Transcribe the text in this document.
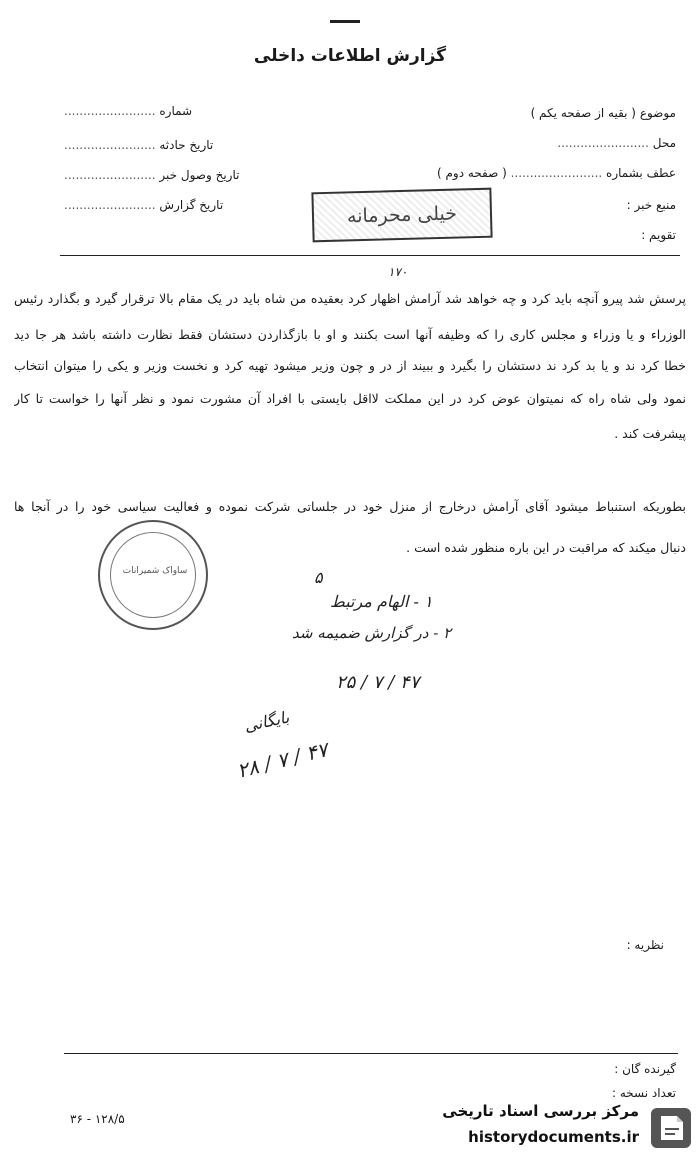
گزارش اطلاعات داخلی
شماره ........................
تاریخ حادثه ........................
تاریخ وصول خبر ........................
تاریخ گزارش ........................
موضوع ( بقیه از صفحه یکم )
محل ........................
عطف بشماره ........................ ( صفحه دوم )
منبع خبر :
تقویم :
خیلی محرمانه
۱۷۰
پرسش شد پیرو آنچه باید کرد و چه خواهد شد آرامش اظهار کرد بعقیده من شاه باید در یک مقام بالا ترقرار گیرد و بگذارد رئیس
الوزراء و یا وزراء و مجلس کاری را که وظیفه آنها است بکنند و او با بازگذاردن دستشان فقط نظارت داشته باشد هر جا دید
خطا کرد ند و یا بد کرد ند دستشان را بگیرد و ببیند از در و چون وزیر میشود تهیه کرد و نخست وزیر و یکی را میتوان انتخاب
نمود ولی شاه راه که نمیتوان عوض کرد در این مملکت لااقل بایستی با افراد آن مشورت نمود و نظر آنها را خواست تا کار
پیشرفت کند .
بطوریکه استنباط میشود آقای آرامش درخارج از منزل خود در جلساتی شرکت نموده و فعالیت سیاسی خود را در آنجا ها
دنبال میکند که مراقبت در این باره منظور شده است .
ساواک شمیرانات	۵
۱ - الهام مرتبط
۲ - در گزارش ضمیمه شد
۲۵ / ۷ / ۴۷
بایگانی
۲۸ / ۷ / ۴۷
نظریه :
گیرنده گان :
تعداد نسخه :
۳۶ - ۱۲۸/۵	مرکز بررسی اسناد تاریخی
historydocuments.ir
